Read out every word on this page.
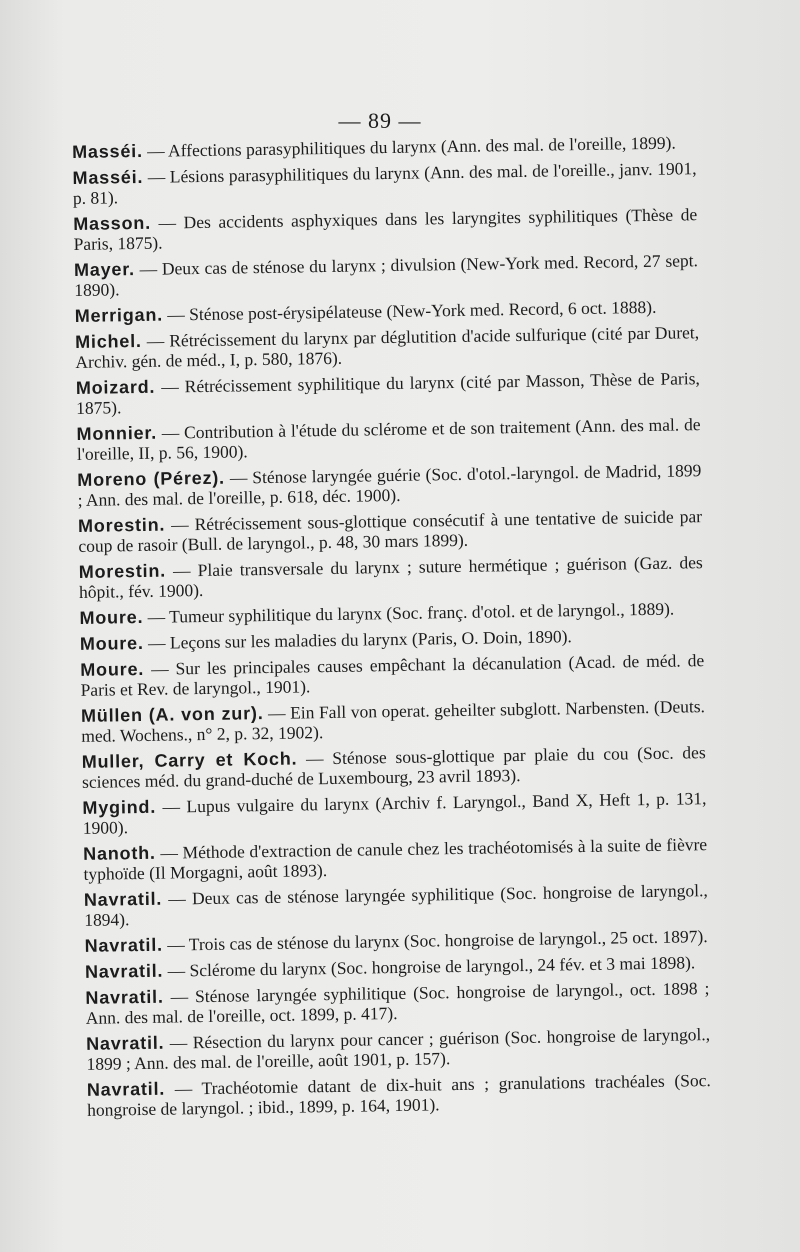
— 89 —

Masséi. — Affections parasyphilitiques du larynx (Ann. des mal. de l'oreille, 1899).

Masséi. — Lésions parasyphilitiques du larynx (Ann. des mal. de l'oreille., janv. 1901, p. 81).

Masson. — Des accidents asphyxiques dans les laryngites syphilitiques (Thèse de Paris, 1875).

Mayer. — Deux cas de sténose du larynx ; divulsion (New-York med. Record, 27 sept. 1890).

Merrigan. — Sténose post-érysipélateuse (New-York med. Record, 6 oct. 1888).

Michel. — Rétrécissement du larynx par déglutition d'acide sulfurique (cité par Duret, Archiv. gén. de méd., I, p. 580, 1876).

Moizard. — Rétrécissement syphilitique du larynx (cité par Masson, Thèse de Paris, 1875).

Monnier. — Contribution à l'étude du sclérome et de son traitement (Ann. des mal. de l'oreille, II, p. 56, 1900).

Moreno (Pérez). — Sténose laryngée guérie (Soc. d'otol.-laryngol. de Madrid, 1899 ; Ann. des mal. de l'oreille, p. 618, déc. 1900).

Morestin. — Rétrécissement sous-glottique consécutif à une tentative de suicide par coup de rasoir (Bull. de laryngol., p. 48, 30 mars 1899).

Morestin. — Plaie transversale du larynx ; suture hermétique ; guérison (Gaz. des hôpit., fév. 1900).

Moure. — Tumeur syphilitique du larynx (Soc. franç. d'otol. et de laryngol., 1889).

Moure. — Leçons sur les maladies du larynx (Paris, O. Doin, 1890).

Moure. — Sur les principales causes empêchant la décanulation (Acad. de méd. de Paris et Rev. de laryngol., 1901).

Müllen (A. von zur). — Ein Fall von operat. geheilter subglott. Narbensten. (Deuts. med. Wochens., n° 2, p. 32, 1902).

Muller, Carry et Koch. — Sténose sous-glottique par plaie du cou (Soc. des sciences méd. du grand-duché de Luxembourg, 23 avril 1893).

Mygind. — Lupus vulgaire du larynx (Archiv f. Laryngol., Band X, Heft 1, p. 131, 1900).

Nanoth. — Méthode d'extraction de canule chez les trachéotomisés à la suite de fièvre typhoïde (Il Morgagni, août 1893).

Navratil. — Deux cas de sténose laryngée syphilitique (Soc. hongroise de laryngol., 1894).

Navratil. — Trois cas de sténose du larynx (Soc. hongroise de laryngol., 25 oct. 1897).

Navratil. — Sclérome du larynx (Soc. hongroise de laryngol., 24 fév. et 3 mai 1898).

Navratil. — Sténose laryngée syphilitique (Soc. hongroise de laryngol., oct. 1898 ; Ann. des mal. de l'oreille, oct. 1899, p. 417).

Navratil. — Résection du larynx pour cancer ; guérison (Soc. hongroise de laryngol., 1899 ; Ann. des mal. de l'oreille, août 1901, p. 157).

Navratil. — Trachéotomie datant de dix-huit ans ; granulations trachéales (Soc. hongroise de laryngol. ; ibid., 1899, p. 164, 1901).
